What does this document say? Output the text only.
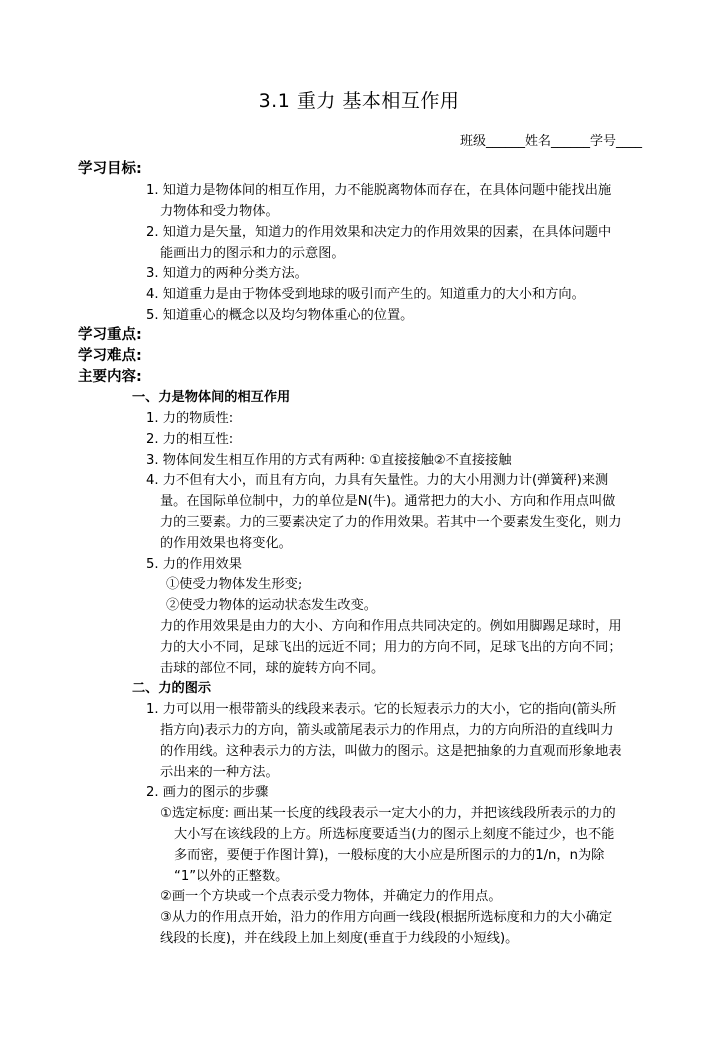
3.1 重力 基本相互作用
班级______姓名______学号____
学习目标:
1. 知道力是物体间的相互作用，力不能脱离物体而存在，在具体问题中能找出施
力物体和受力物体。
2. 知道力是矢量，知道力的作用效果和决定力的作用效果的因素，在具体问题中
能画出力的图示和力的示意图。
3. 知道力的两种分类方法。
4. 知道重力是由于物体受到地球的吸引而产生的。知道重力的大小和方向。
5. 知道重心的概念以及均匀物体重心的位置。
学习重点:
学习难点:
主要内容:
一、力是物体间的相互作用
1. 力的物质性:
2. 力的相互性:
3. 物体间发生相互作用的方式有两种: ①直接接触②不直接接触
4. 力不但有大小，而且有方向，力具有矢量性。力的大小用测力计(弹簧秤)来测
量。在国际单位制中，力的单位是N(牛)。通常把力的大小、方向和作用点叫做
力的三要素。力的三要素决定了力的作用效果。若其中一个要素发生变化，则力
的作用效果也将变化。
5. 力的作用效果
①使受力物体发生形变;
②使受力物体的运动状态发生改变。
力的作用效果是由力的大小、方向和作用点共同决定的。例如用脚踢足球时，用
力的大小不同，足球飞出的远近不同；用力的方向不同，足球飞出的方向不同；
击球的部位不同，球的旋转方向不同。
二、力的图示
1. 力可以用一根带箭头的线段来表示。它的长短表示力的大小，它的指向(箭头所
指方向)表示力的方向，箭头或箭尾表示力的作用点，力的方向所沿的直线叫力
的作用线。这种表示力的方法，叫做力的图示。这是把抽象的力直观而形象地表
示出来的一种方法。
2. 画力的图示的步骤
①选定标度: 画出某一长度的线段表示一定大小的力，并把该线段所表示的力的
大小写在该线段的上方。所选标度要适当(力的图示上刻度不能过少，也不能
多而密，要便于作图计算)，一般标度的大小应是所图示的力的1/n，n为除
“1”以外的正整数。
②画一个方块或一个点表示受力物体，并确定力的作用点。
③从力的作用点开始，沿力的作用方向画一线段(根据所选标度和力的大小确定
线段的长度)，并在线段上加上刻度(垂直于力线段的小短线)。
